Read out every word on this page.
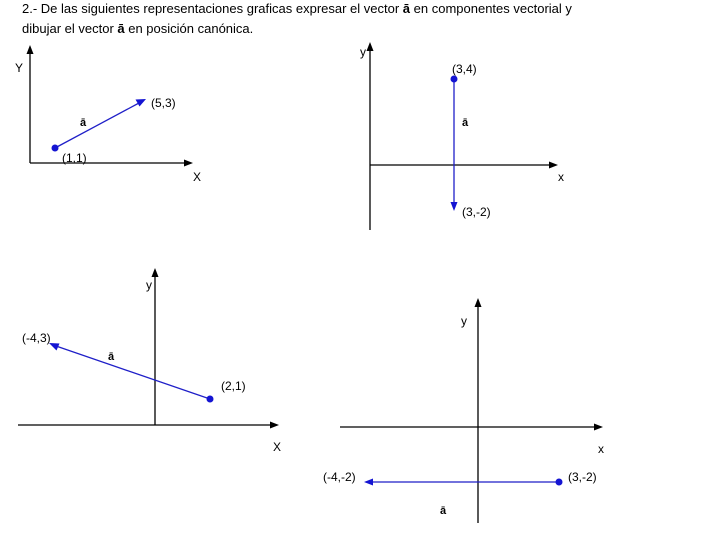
2.- De las siguientes representaciones graficas expresar el vector ā en componentes vectorial y
dibujar el vector ā en posición canónica.
Y
X
(1,1)
(5,3)
ā
y
x
(3,4)
(3,-2)
ā
y
X
(2,1)
(-4,3)
ā
y
x
(3,-2)
(-4,-2)
ā
